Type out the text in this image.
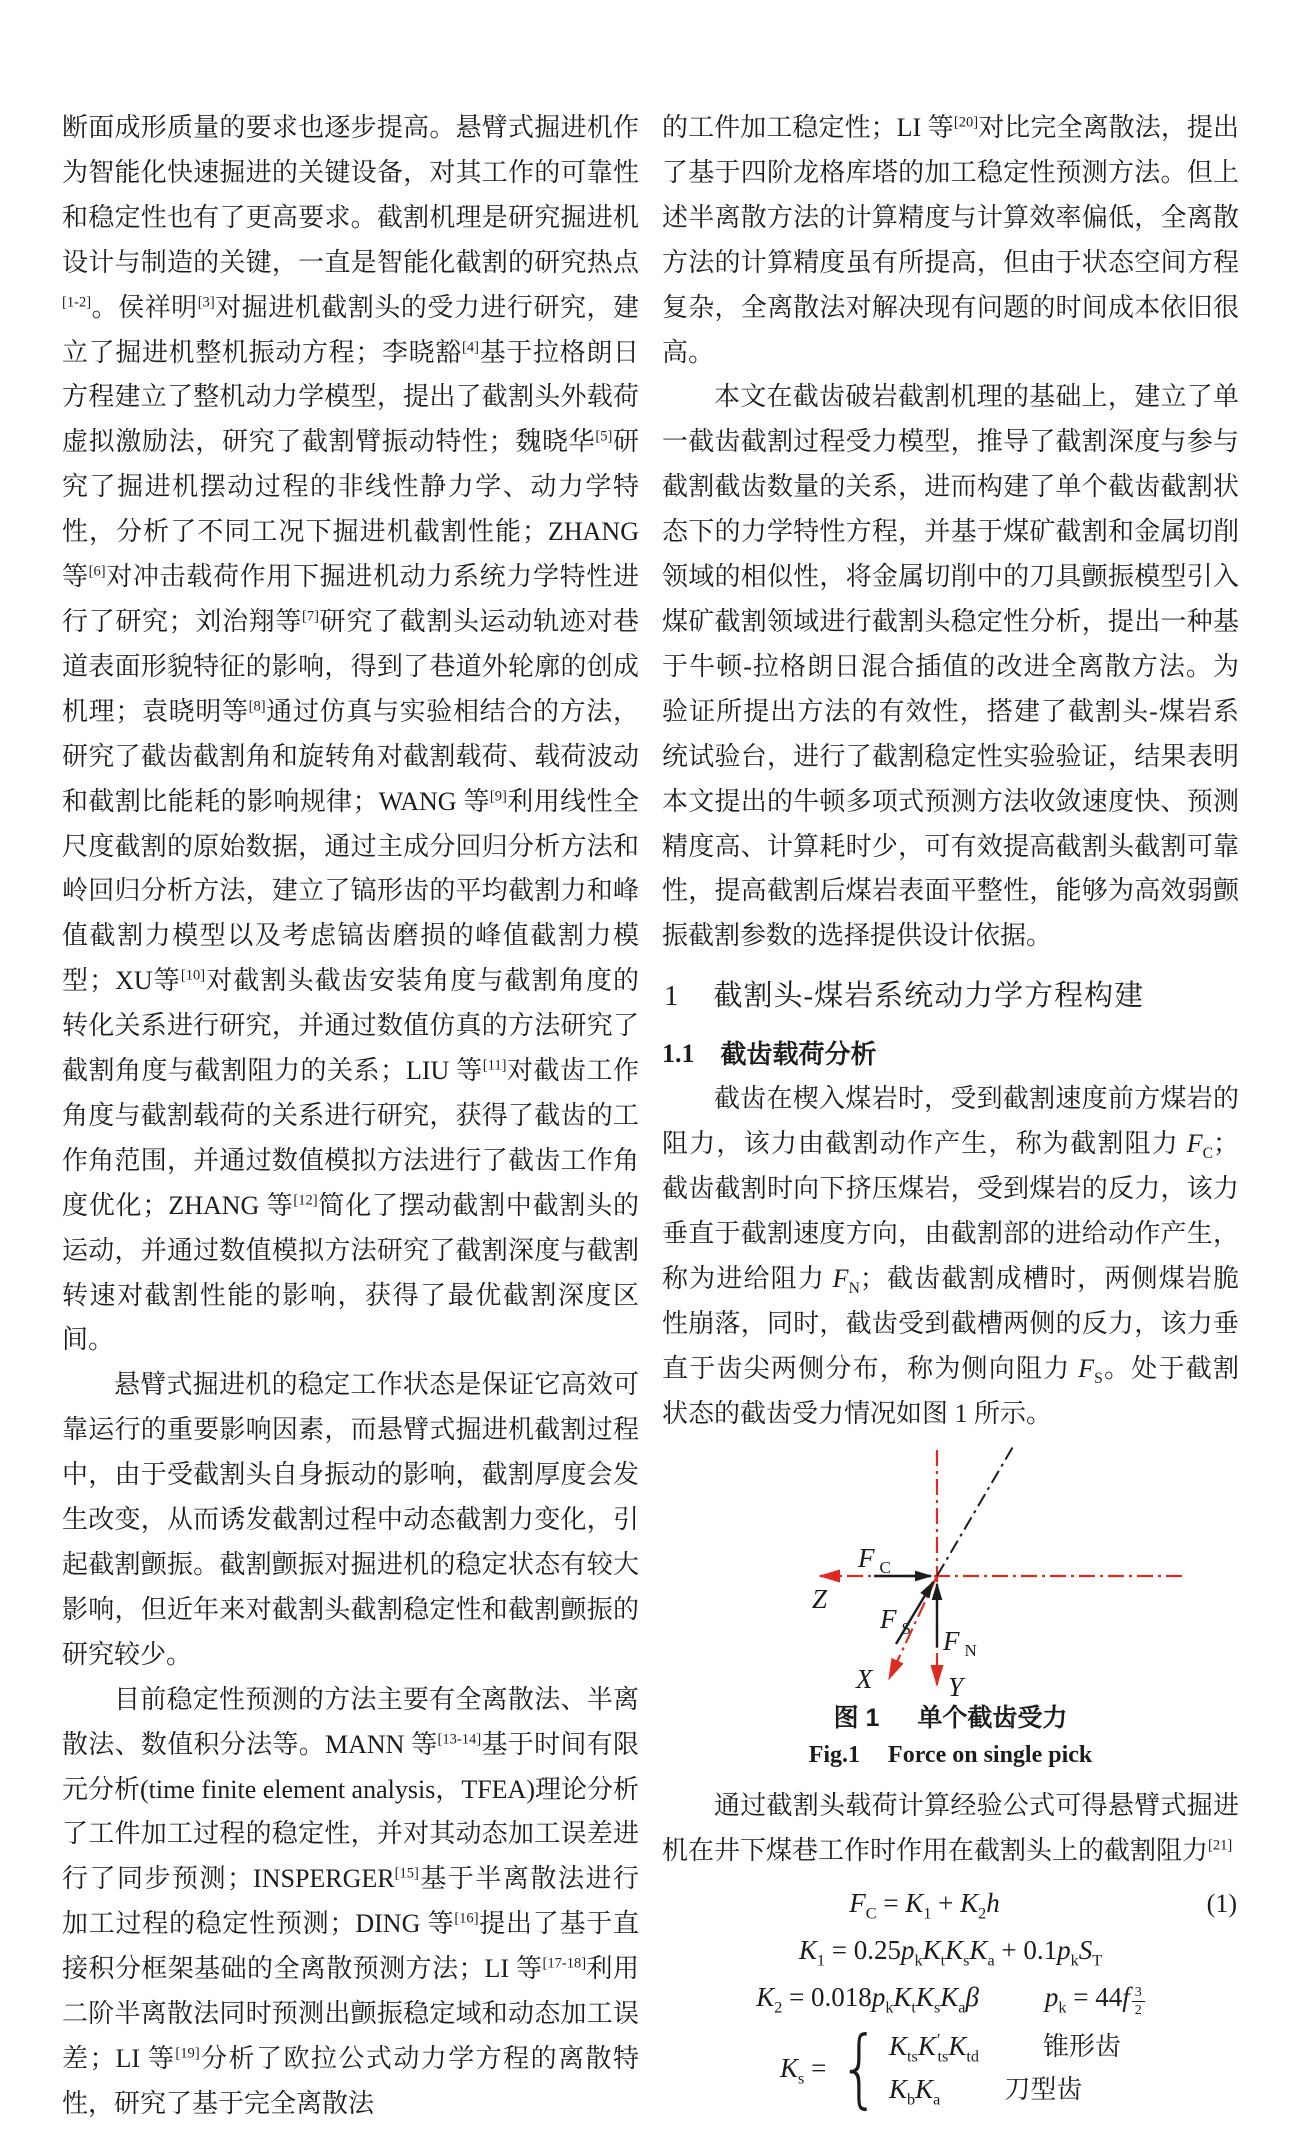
断面成形质量的要求也逐步提高。悬臂式掘进机作为智能化快速掘进的关键设备，对其工作的可靠性和稳定性也有了更高要求。截割机理是研究掘进机设计与制造的关键，一直是智能化截割的研究热点[1-2]。侯祥明[3]对掘进机截割头的受力进行研究，建立了掘进机整机振动方程；李晓豁[4]基于拉格朗日方程建立了整机动力学模型，提出了截割头外载荷虚拟激励法，研究了截割臂振动特性；魏晓华[5]研究了掘进机摆动过程的非线性静力学、动力学特性，分析了不同工况下掘进机截割性能；ZHANG 等[6]对冲击载荷作用下掘进机动力系统力学特性进行了研究；刘治翔等[7]研究了截割头运动轨迹对巷道表面形貌特征的影响，得到了巷道外轮廓的创成机理；袁晓明等[8]通过仿真与实验相结合的方法，研究了截齿截割角和旋转角对截割载荷、载荷波动和截割比能耗的影响规律；WANG 等[9]利用线性全尺度截割的原始数据，通过主成分回归分析方法和岭回归分析方法，建立了镐形齿的平均截割力和峰值截割力模型以及考虑镐齿磨损的峰值截割力模型；XU等[10]对截割头截齿安装角度与截割角度的转化关系进行研究，并通过数值仿真的方法研究了截割角度与截割阻力的关系；LIU 等[11]对截齿工作角度与截割载荷的关系进行研究，获得了截齿的工作角范围，并通过数值模拟方法进行了截齿工作角度优化；ZHANG 等[12]简化了摆动截割中截割头的运动，并通过数值模拟方法研究了截割深度与截割转速对截割性能的影响，获得了最优截割深度区间。

悬臂式掘进机的稳定工作状态是保证它高效可靠运行的重要影响因素，而悬臂式掘进机截割过程中，由于受截割头自身振动的影响，截割厚度会发生改变，从而诱发截割过程中动态截割力变化，引起截割颤振。截割颤振对掘进机的稳定状态有较大影响，但近年来对截割头截割稳定性和截割颤振的研究较少。

目前稳定性预测的方法主要有全离散法、半离散法、数值积分法等。MANN 等[13-14]基于时间有限元分析(time finite element analysis，TFEA)理论分析了工件加工过程的稳定性，并对其动态加工误差进行了同步预测；INSPERGER[15]基于半离散法进行加工过程的稳定性预测；DING 等[16]提出了基于直接积分框架基础的全离散预测方法；LI 等[17-18]利用二阶半离散法同时预测出颤振稳定域和动态加工误差；LI 等[19]分析了欧拉公式动力学方程的离散特性，研究了基于完全离散法

的工件加工稳定性；LI 等[20]对比完全离散法，提出了基于四阶龙格库塔的加工稳定性预测方法。但上述半离散方法的计算精度与计算效率偏低，全离散方法的计算精度虽有所提高，但由于状态空间方程复杂，全离散法对解决现有问题的时间成本依旧很高。

本文在截齿破岩截割机理的基础上，建立了单一截齿截割过程受力模型，推导了截割深度与参与截割截齿数量的关系，进而构建了单个截齿截割状态下的力学特性方程，并基于煤矿截割和金属切削领域的相似性，将金属切削中的刀具颤振模型引入煤矿截割领域进行截割头稳定性分析，提出一种基于牛顿-拉格朗日混合插值的改进全离散方法。为验证所提出方法的有效性，搭建了截割头-煤岩系统试验台，进行了截割稳定性实验验证，结果表明本文提出的牛顿多项式预测方法收敛速度快、预测精度高、计算耗时少，可有效提高截割头截割可靠性，提高截割后煤岩表面平整性，能够为高效弱颤振截割参数的选择提供设计依据。

1 截割头-煤岩系统动力学方程构建
1.1 截齿载荷分析

截齿在楔入煤岩时，受到截割速度前方煤岩的阻力，该力由截割动作产生，称为截割阻力 $F_C$；截齿截割时向下挤压煤岩，受到煤岩的反力，该力垂直于截割速度方向，由截割部的进给动作产生，称为进给阻力 $F_N$；截齿截割成槽时，两侧煤岩脆性崩落，同时，截齿受到截槽两侧的反力，该力垂直于齿尖两侧分布，称为侧向阻力 $F_S$。处于截割状态的截齿受力情况如图 1 所示。

Z
X	Y
F C
F S F N
图 1 单个截齿受力
Fig.1 Force on single pick

通过截割头载荷计算经验公式可得悬臂式掘进机在井下煤巷工作时作用在截割头上的截割阻力[21]

$F_C = K_1 + K_2h$	(1)
$K_1 = 0.25p_kK_tK_sK_a + 0.1p_kS_T$
$K_2 = 0.018p_kK_tK_sK_a\beta$ $p_k = 44f \frac{3}{2}$
$K_s$ = { $K_{ts}K'_{ts}K_{td}$ 锥形齿
$K_bK_a$ 刀型齿
